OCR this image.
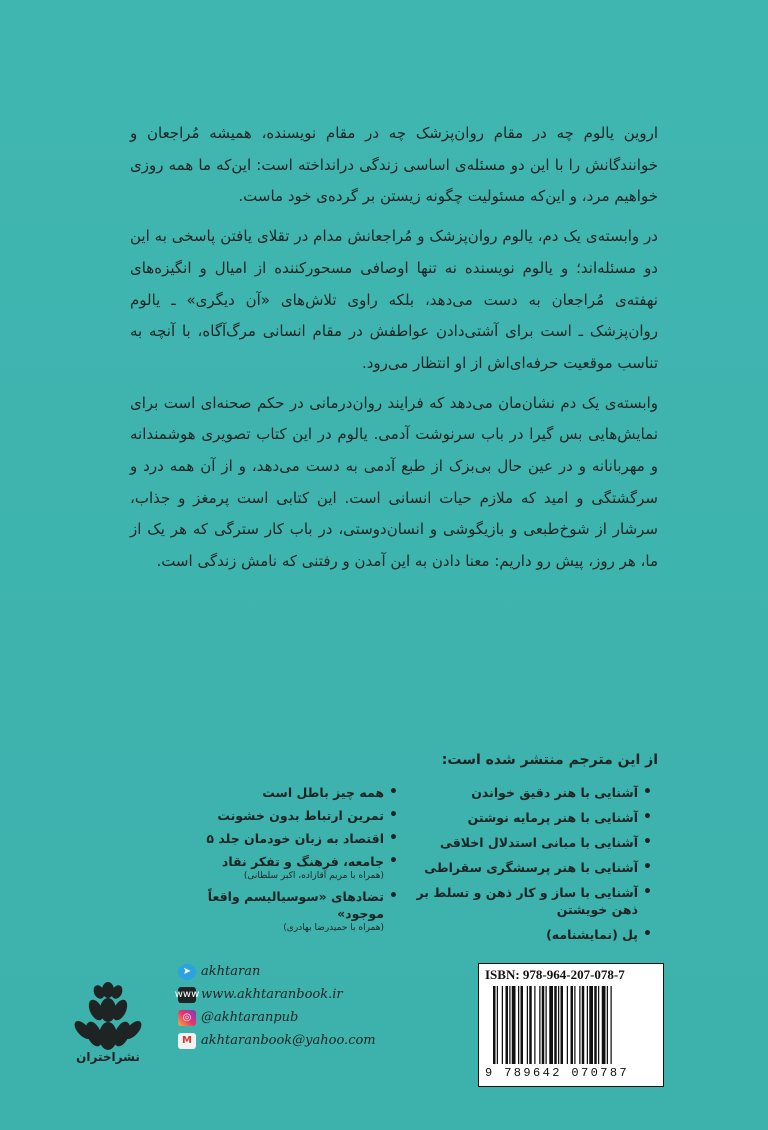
اروین یالوم چه در مقام روان‌پزشک چه در مقام نویسنده، همیشه مُراجعان و خوانندگانش را با این دو مسئله‌ی اساسی زندگی درانداخته است: این‌که ما همه روزی خواهیم مرد، و این‌که مسئولیت چگونه زیستن بر گرده‌ی خود ماست.

در وابسته‌ی یک دم، یالوم روان‌پزشک و مُراجعانش مدام در تقلای یافتن پاسخی به این دو مسئله‌اند؛ و یالوم نویسنده نه تنها اوصافی مسحورکننده از امیال و انگیزه‌های نهفته‌ی مُراجعان به دست می‌دهد، بلکه راوی تلاش‌های «آن دیگری» ـ یالوم روان‌پزشک ـ است برای آشتی‌دادن عواطفش در مقام انسانی مرگ‌آگاه، با آنچه به تناسب موقعیت حرفه‌ای‌اش از او انتظار می‌رود.

وابسته‌ی یک دم نشان‌مان می‌دهد که فرایند روان‌درمانی در حکم صحنه‌ای است برای نمایش‌هایی بس گیرا در باب سرنوشت آدمی. یالوم در این کتاب تصویری هوشمندانه و مهربانانه و در عین حال بی‌بزک از طبع آدمی به دست می‌دهد، و از آن همه درد و سرگشتگی و امید که ملازم حیات انسانی است. این کتابی است پرمغز و جذاب، سرشار از شوخ‌طبعی و بازیگوشی و انسان‌دوستی، در باب کار سترگی که هر یک از ما، هر روز، پیش رو داریم: معنا دادن به این آمدن و رفتنی که نامش زندگی است.

از این مترجم منتشر شده است:
• آشنایی با هنر دقیق خواندن
• آشنایی با هنر پرمایه نوشتن
• آشنایی با مبانی استدلال اخلاقی
• آشنایی با هنر پرسشگری سقراطی
• آشنایی با ساز و کار ذهن و تسلط بر ذهن خویشتن
• پل (نمایشنامه)
• همه چیز باطل است
• تمرین ارتباط بدون خشونت
• اقتصاد به زبان خودمان جلد ۵
• جامعه، فرهنگ و تفکر نقاد
(همراه با مریم آقازاده، اکبر سلطانی)
• تضادهای «سوسیالیسم واقعاً موجود»
(همراه با حمیدرضا بهادری)
➤ akhtaran
www www.akhtaranbook.ir
◎ @akhtaranpub
M akhtaranbook@yahoo.com
نشراختران
ISBN: 978-964-207-078-7
9 789642 070787
